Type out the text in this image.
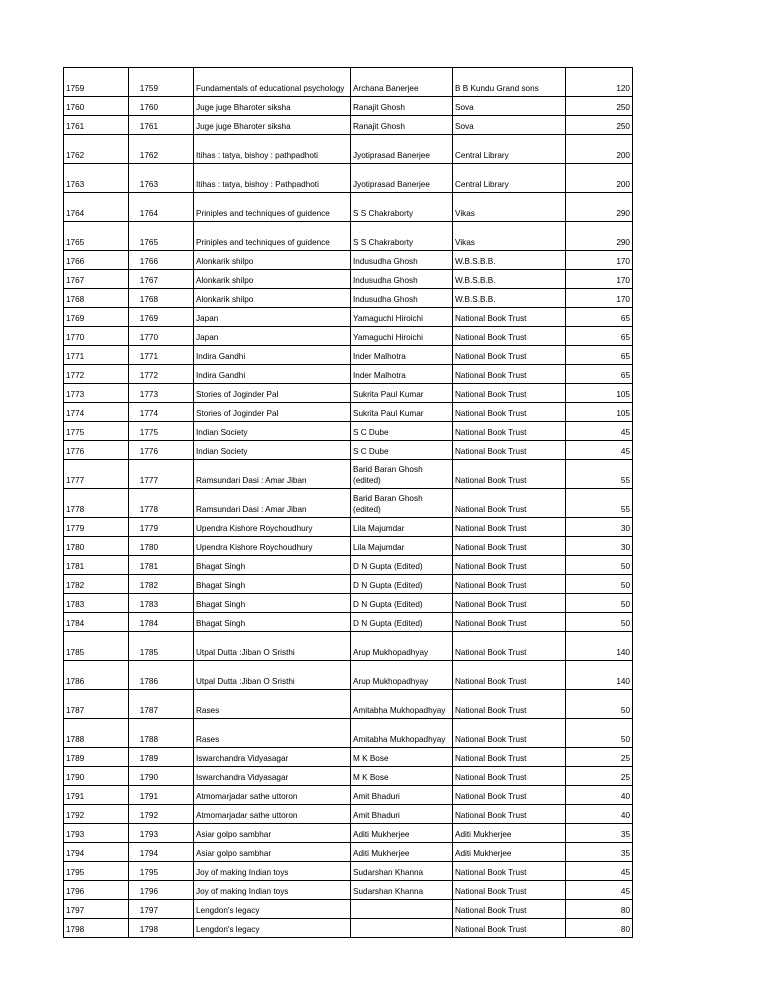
1759	1759	Fundamentals of educational psychology	Archana Banerjee	B B Kundu Grand sons	120
1760	1760	Juge juge Bharoter siksha	Ranajit Ghosh	Sova	250
1761	1761	Juge juge Bharoter siksha	Ranajit Ghosh	Sova	250
1762	1762	Itihas : tatya, bishoy : pathpadhoti	Jyotiprasad Banerjee	Central Library	200
1763	1763	Itihas : tatya, bishoy : Pathpadhoti	Jyotiprasad Banerjee	Central Library	200
1764	1764	Priniples and techniques of guidence	S S Chakraborty	Vikas	290
1765	1765	Priniples and techniques of guidence	S S Chakraborty	Vikas	290
1766	1766	Alonkarik shilpo	Indusudha Ghosh	W.B.S.B.B.	170
1767	1767	Alonkarik shilpo	Indusudha Ghosh	W.B.S.B.B.	170
1768	1768	Alonkarik shilpo	Indusudha Ghosh	W.B.S.B.B.	170
1769	1769	Japan	Yamaguchi Hiroichi	National Book Trust	65
1770	1770	Japan	Yamaguchi Hiroichi	National Book Trust	65
1771	1771	Indira Gandhi	Inder Malhotra	National Book Trust	65
1772	1772	Indira Gandhi	Inder Malhotra	National Book Trust	65
1773	1773	Stories of Joginder Pal	Sukrita Paul Kumar	National Book Trust	105
1774	1774	Stories of Joginder Pal	Sukrita Paul Kumar	National Book Trust	105
1775	1775	Indian Society	S C Dube	National Book Trust	45
1776	1776	Indian Society	S C Dube	National Book Trust	45
1777	1777	Ramsundari Dasi : Amar Jiban	Barid Baran Ghosh (edited)	National Book Trust	55
1778	1778	Ramsundari Dasi : Amar Jiban	Barid Baran Ghosh (edited)	National Book Trust	55
1779	1779	Upendra Kishore Roychoudhury	Lila Majumdar	National Book Trust	30
1780	1780	Upendra Kishore Roychoudhury	Lila Majumdar	National Book Trust	30
1781	1781	Bhagat Singh	D N Gupta (Edited)	National Book Trust	50
1782	1782	Bhagat Singh	D N Gupta (Edited)	National Book Trust	50
1783	1783	Bhagat Singh	D N Gupta (Edited)	National Book Trust	50
1784	1784	Bhagat Singh	D N Gupta (Edited)	National Book Trust	50
1785	1785	Utpal Dutta :Jiban O Sristhi	Arup Mukhopadhyay	National Book Trust	140
1786	1786	Utpal Dutta :Jiban O Sristhi	Arup Mukhopadhyay	National Book Trust	140
1787	1787	Rases	Amitabha Mukhopadhyay	National Book Trust	50
1788	1788	Rases	Amitabha Mukhopadhyay	National Book Trust	50
1789	1789	Iswarchandra Vidyasagar	M K Bose	National Book Trust	25
1790	1790	Iswarchandra Vidyasagar	M K Bose	National Book Trust	25
1791	1791	Atmomarjadar sathe uttoron	Amit Bhaduri	National Book Trust	40
1792	1792	Atmomarjadar sathe uttoron	Amit Bhaduri	National Book Trust	40
1793	1793	Asiar golpo sambhar	Aditi Mukherjee	Aditi Mukherjee	35
1794	1794	Asiar golpo sambhar	Aditi Mukherjee	Aditi Mukherjee	35
1795	1795	Joy of making Indian toys	Sudarshan Khanna	National Book Trust	45
1796	1796	Joy of making Indian toys	Sudarshan Khanna	National Book Trust	45
1797	1797	Lengdon's legacy		National Book Trust	80
1798	1798	Lengdon's legacy		National Book Trust	80
